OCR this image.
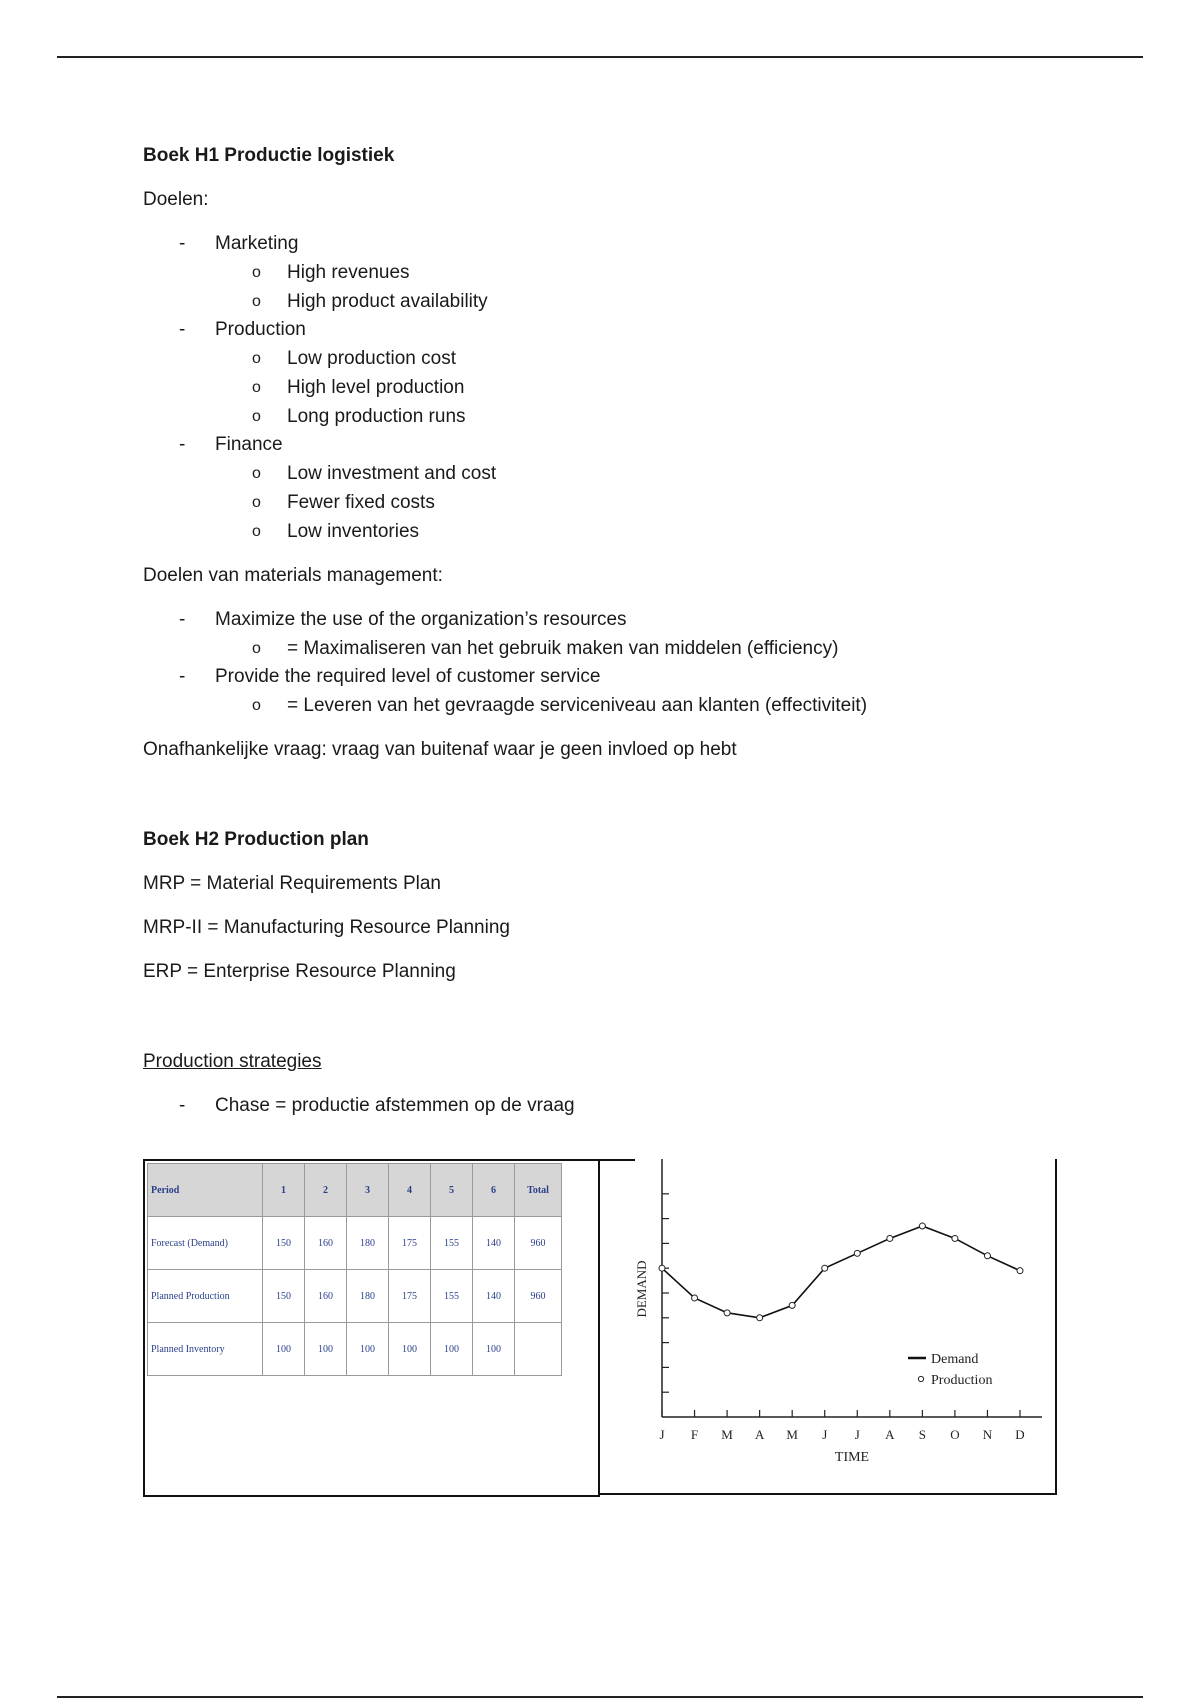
Boek H1 Productie logistiek

Doelen:

- Marketing
o High revenues
o High product availability
- Production
o Low production cost
o High level production
o Long production runs
- Finance
o Low investment and cost
o Fewer fixed costs
o Low inventories

Doelen van materials management:

- Maximize the use of the organization’s resources
o = Maximaliseren van het gebruik maken van middelen (efficiency)
- Provide the required level of customer service
o = Leveren van het gevraagde serviceniveau aan klanten (effectiviteit)

Onafhankelijke vraag: vraag van buitenaf waar je geen invloed op hebt

Boek H2 Production plan

MRP = Material Requirements Plan

MRP-II = Manufacturing Resource Planning

ERP = Enterprise Resource Planning

Production strategies

- Chase = productie afstemmen op de vraag
Period	1	2	3	4	5	6	Total
Forecast (Demand)	150	160	180	175	155	140	960
Planned Production	150	160	180	175	155	140	960
Planned Inventory	100	100	100	100	100	100	
J F M A M J J A S O N D
DEMAND
TIME
Demand
Production
